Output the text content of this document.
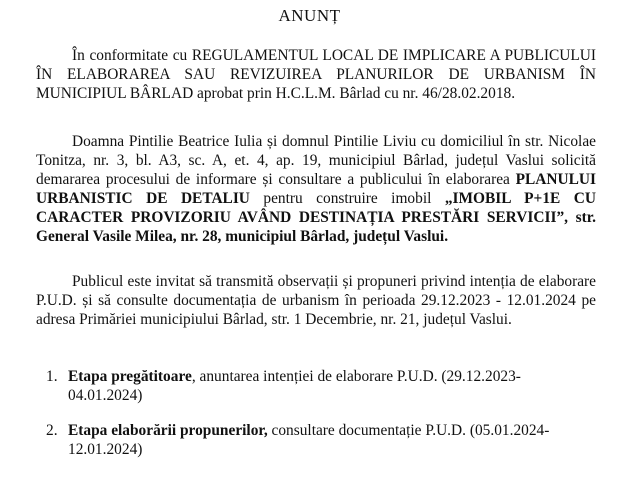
ANUNȚ
În conformitate cu REGULAMENTUL LOCAL DE IMPLICARE A PUBLICULUI ÎN ELABORAREA SAU REVIZUIREA PLANURILOR DE URBANISM ÎN MUNICIPIUL BÂRLAD aprobat prin H.C.L.M. Bârlad cu nr. 46/28.02.2018.
Doamna Pintilie Beatrice Iulia și domnul Pintilie Liviu cu domiciliul în str. Nicolae Tonitza, nr. 3, bl. A3, sc. A, et. 4, ap. 19, municipiul Bârlad, județul Vaslui solicită demararea procesului de informare și consultare a publicului în elaborarea PLANULUI URBANISTIC DE DETALIU pentru construire imobil „IMOBIL P+1E CU CARACTER PROVIZORIU AVÂND DESTINAȚIA PRESTĂRI SERVICII”, str. General Vasile Milea, nr. 28, municipiul Bârlad, județul Vaslui.
Publicul este invitat să transmită observații și propuneri privind intenția de elaborare P.U.D. și să consulte documentația de urbanism în perioada 29.12.2023 - 12.01.2024 pe adresa Primăriei municipiului Bârlad, str. 1 Decembrie, nr. 21, județul Vaslui.
1. Etapa pregătitoare, anuntarea intenției de elaborare P.U.D. (29.12.2023-
04.01.2024)
2. Etapa elaborării propunerilor, consultare documentație P.U.D. (05.01.2024-
12.01.2024)
